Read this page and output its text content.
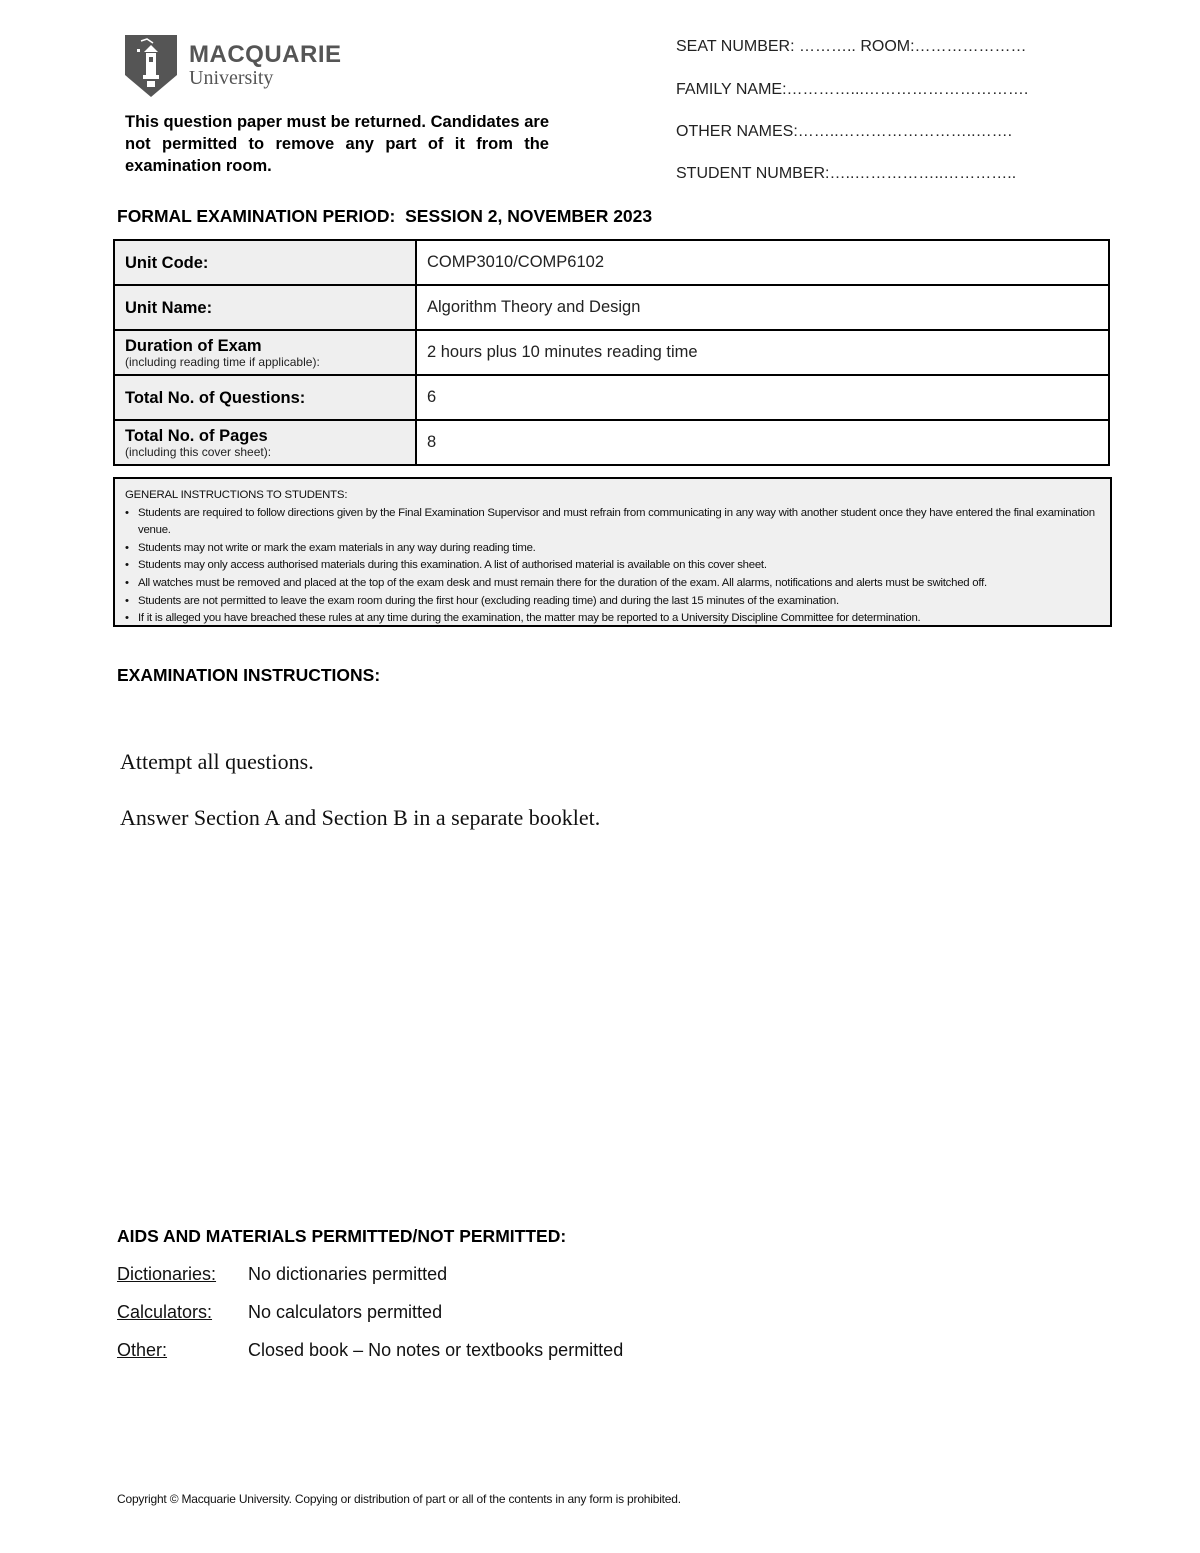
MACQUARIE
University
This question paper must be returned. Candidates are not permitted to remove any part of it from the examination room.
SEAT NUMBER: ……….. ROOM:…………………
FAMILY NAME:…………...………………………….
OTHER NAMES:……..……………………..…….
STUDENT NUMBER:…..……………..…………..
FORMAL EXAMINATION PERIOD:  SESSION 2, NOVEMBER 2023
Unit Code:	COMP3010/COMP6102
Unit Name:	Algorithm Theory and Design
Duration of Exam
(including reading time if applicable):	2 hours plus 10 minutes reading time
Total No. of Questions:	6
Total No. of Pages
(including this cover sheet):	8
GENERAL INSTRUCTIONS TO STUDENTS:
• Students are required to follow directions given by the Final Examination Supervisor and must refrain from communicating in any way with another student once they have entered the final examination venue.
• Students may not write or mark the exam materials in any way during reading time.
• Students may only access authorised materials during this examination. A list of authorised material is available on this cover sheet.
• All watches must be removed and placed at the top of the exam desk and must remain there for the duration of the exam. All alarms, notifications and alerts must be switched off.
• Students are not permitted to leave the exam room during the first hour (excluding reading time) and during the last 15 minutes of the examination.
• If it is alleged you have breached these rules at any time during the examination, the matter may be reported to a University Discipline Committee for determination.
EXAMINATION INSTRUCTIONS:
Attempt all questions.
Answer Section A and Section B in a separate booklet.
AIDS AND MATERIALS PERMITTED/NOT PERMITTED:
Dictionaries: No dictionaries permitted
Calculators: No calculators permitted
Other:	Closed book – No notes or textbooks permitted
Copyright © Macquarie University. Copying or distribution of part or all of the contents in any form is prohibited.
